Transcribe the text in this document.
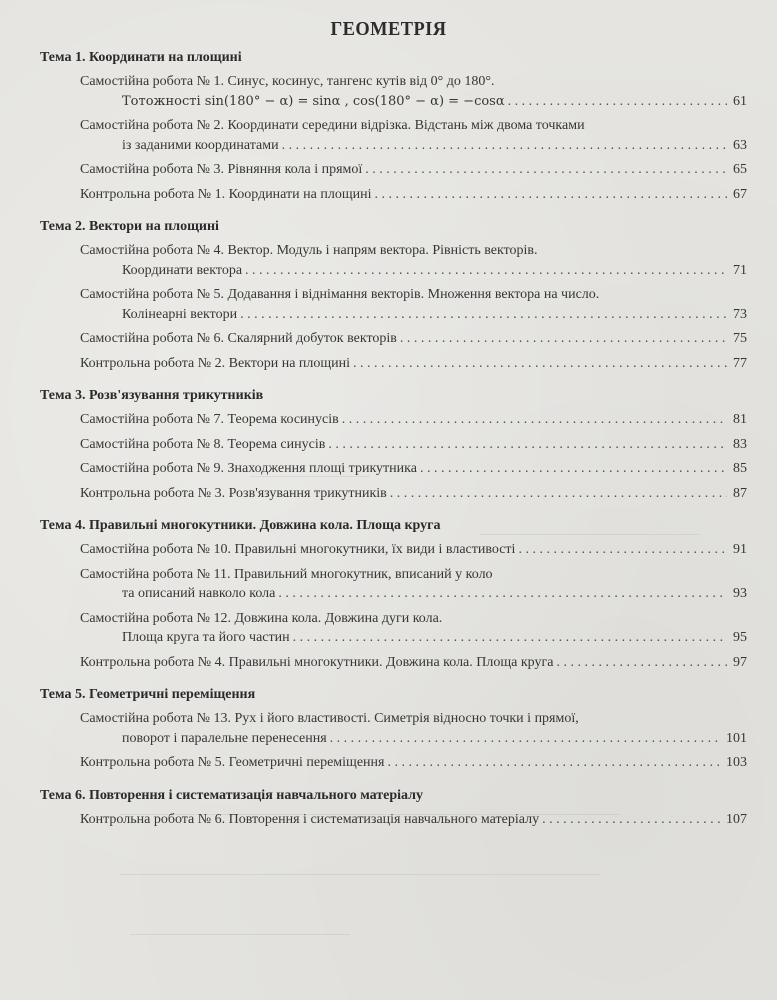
ГЕОМЕТРІЯ
Тема 1. Координати на площині
Самостійна робота № 1. Синус, косинус, тангенс кутів від 0° до 180°.
Тотожності sin(180° − α) = sinα , cos(180° − α) = −cosα . . .	61
Самостійна робота № 2. Координати середини відрізка. Відстань між двома точками
із заданими координатами . . .	63
Самостійна робота № 3. Рівняння кола і прямої . . .	65
Контрольна робота № 1. Координати на площині . . .	67
Тема 2. Вектори на площині
Самостійна робота № 4. Вектор. Модуль і напрям вектора. Рівність векторів.
Координати вектора . . .	71
Самостійна робота № 5. Додавання і віднімання векторів. Множення вектора на число.
Колінеарні вектори . . .	73
Самостійна робота № 6. Скалярний добуток векторів . . .	75
Контрольна робота № 2. Вектори на площині . . .	77
Тема 3. Розв'язування трикутників
Самостійна робота № 7. Теорема косинусів . . .	81
Самостійна робота № 8. Теорема синусів . . .	83
Самостійна робота № 9. Знаходження площі трикутника . . .	85
Контрольна робота № 3. Розв'язування трикутників . . .	87
Тема 4. Правильні многокутники. Довжина кола. Площа круга
Самостійна робота № 10. Правильні многокутники, їх види і властивості . . .	91
Самостійна робота № 11. Правильний многокутник, вписаний у коло
та описаний навколо кола . . .	93
Самостійна робота № 12. Довжина кола. Довжина дуги кола.
Площа круга та його частин . . .	95
Контрольна робота № 4. Правильні многокутники. Довжина кола. Площа круга . . .	97
Тема 5. Геометричні переміщення
Самостійна робота № 13. Рух і його властивості. Симетрія відносно точки і прямої,
поворот і паралельне перенесення . . .	101
Контрольна робота № 5. Геометричні переміщення . . .	103
Тема 6. Повторення і систематизація навчального матеріалу
Контрольна робота № 6. Повторення і систематизація навчального матеріалу . . .	107
